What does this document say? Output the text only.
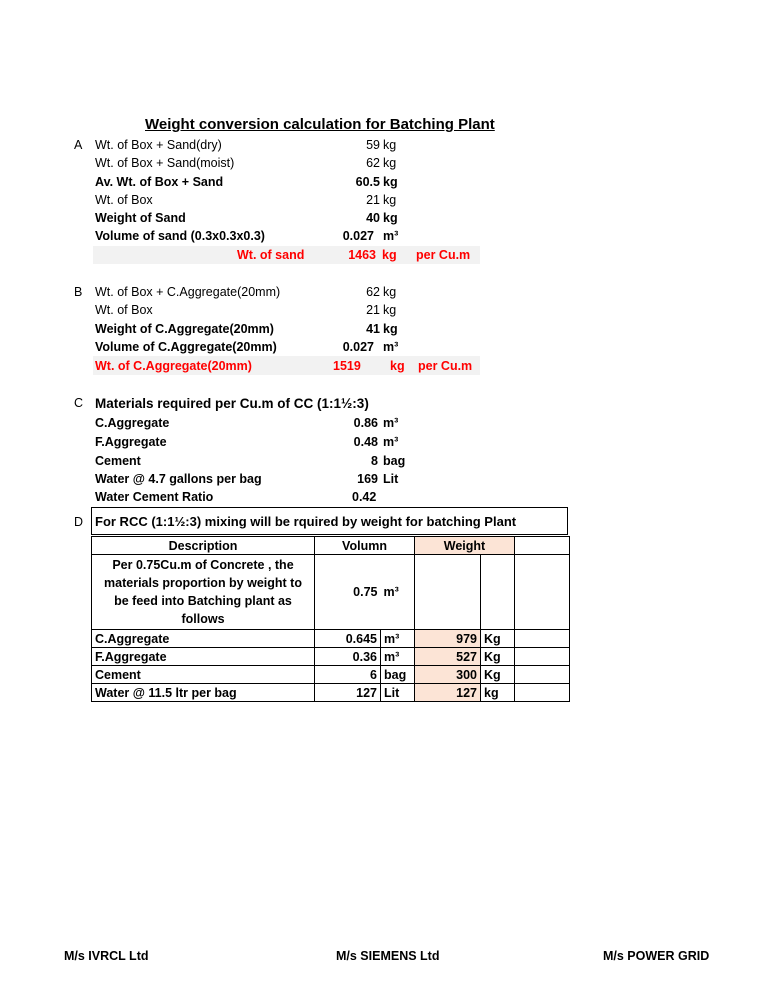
Weight conversion calculation for Batching Plant
A Wt. of Box + Sand(dry)	59 kg
Wt. of Box + Sand(moist)	62 kg
Av. Wt. of Box + Sand	60.5 kg
Wt. of Box	21 kg
Weight of Sand	40 kg
Volume of sand (0.3x0.3x0.3)	0.027 m³
Wt. of sand	1463 kg per Cu.m
B Wt. of Box + C.Aggregate(20mm)	62 kg
Wt. of Box	21 kg
Weight of C.Aggregate(20mm)	41 kg
Volume of C.Aggregate(20mm)	0.027 m³
Wt. of C.Aggregate(20mm)	1519 kg per Cu.m
C Materials required per Cu.m of CC (1:1½:3)
C.Aggregate	0.86 m³
F.Aggregate	0.48 m³
Cement	8 bag
Water @ 4.7 gallons per bag	169 Lit
Water Cement Ratio	0.42
D For RCC (1:1½:3) mixing will be rquired by weight for batching Plant
Description	Volumn		Weight		
Per 0.75Cu.m of Concrete , the materials proportion by weight to be feed into Batching plant as follows	0.75	m³			
C.Aggregate	0.645	m³	979	Kg	
F.Aggregate	0.36	m³	527	Kg	
Cement	6	bag	300	Kg	
Water @ 11.5 ltr per bag	127	Lit	127	kg	
M/s IVRCL Ltd	M/s SIEMENS Ltd	M/s POWER GRID
